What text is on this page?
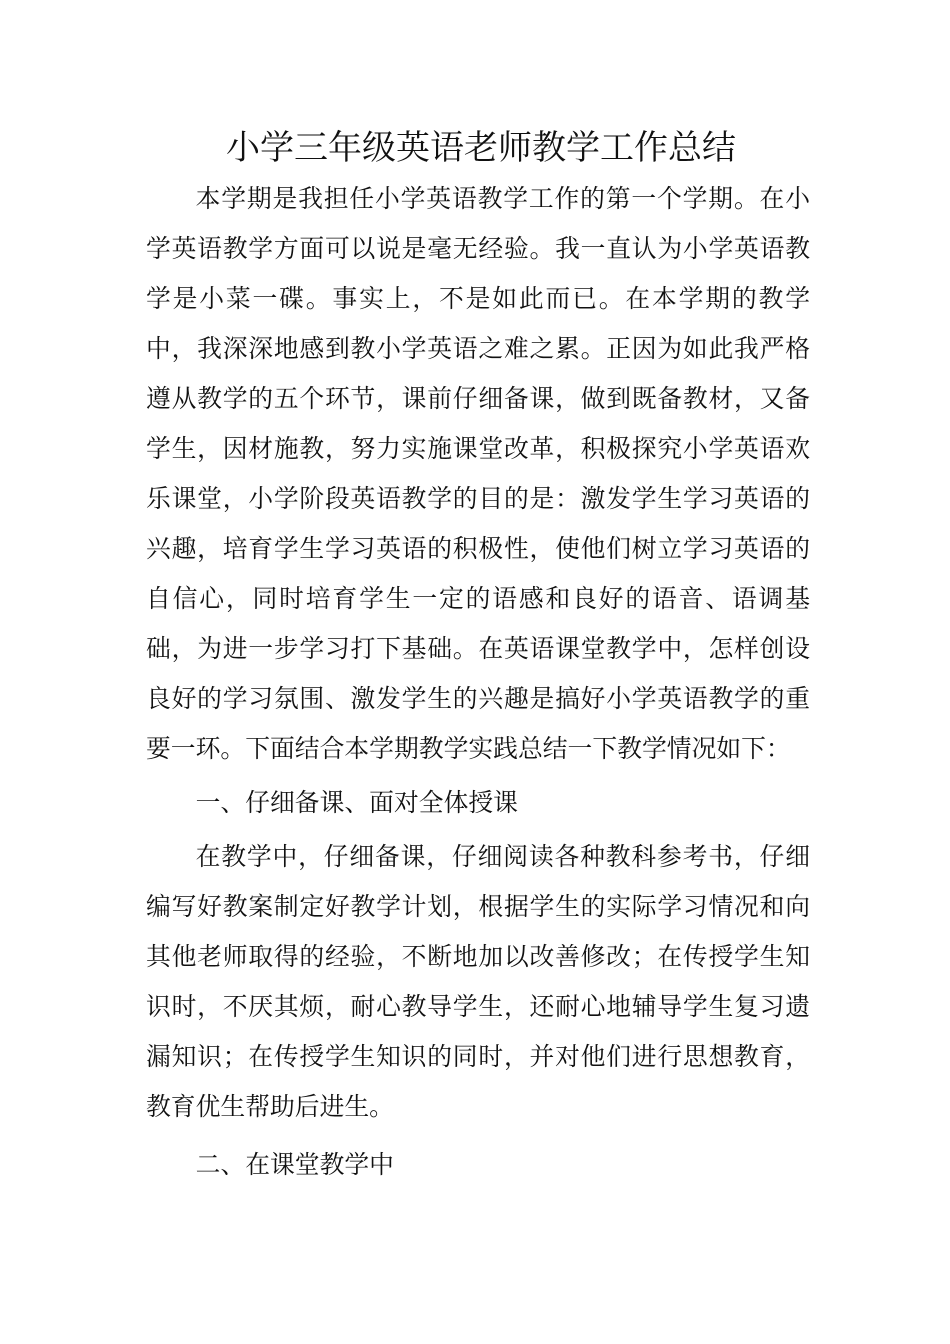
小学三年级英语老师教学工作总结

本学期是我担任小学英语教学工作的第一个学期。在小学英语教学方面可以说是毫无经验。我一直认为小学英语教学是小菜一碟。事实上，不是如此而已。在本学期的教学中，我深深地感到教小学英语之难之累。正因为如此我严格遵从教学的五个环节，课前仔细备课，做到既备教材，又备学生，因材施教，努力实施课堂改革，积极探究小学英语欢乐课堂，小学阶段英语教学的目的是：激发学生学习英语的兴趣，培育学生学习英语的积极性，使他们树立学习英语的自信心，同时培育学生一定的语感和良好的语音、语调基础，为进一步学习打下基础。在英语课堂教学中，怎样创设良好的学习氛围、激发学生的兴趣是搞好小学英语教学的重要一环。下面结合本学期教学实践总结一下教学情况如下：

一、仔细备课、面对全体授课

在教学中，仔细备课，仔细阅读各种教科参考书，仔细编写好教案制定好教学计划，根据学生的实际学习情况和向其他老师取得的经验，不断地加以改善修改；在传授学生知识时，不厌其烦，耐心教导学生，还耐心地辅导学生复习遗漏知识；在传授学生知识的同时，并对他们进行思想教育，教育优生帮助后进生。

二、在课堂教学中
